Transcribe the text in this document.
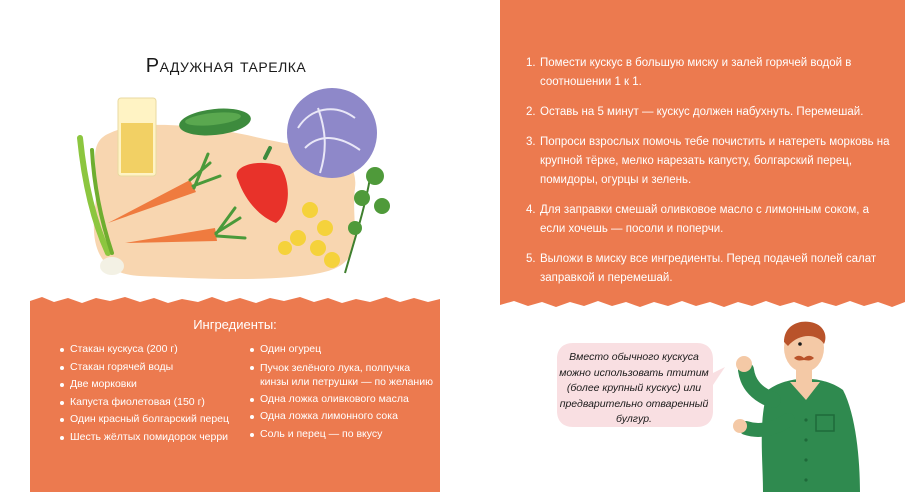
Радужная тарелка
Ингредиенты:
Стакан кускуса (200 г)
Стакан горячей воды
Две морковки
Капуста фиолетовая (150 г)
Один красный болгарский перец
Шесть жёлтых помидорок черри
Один огурец
Пучок зелёного лука, полпучка кинзы или петрушки — по желанию
Одна ложка оливкового масла
Одна ложка лимонного сока
Соль и перец — по вкусу
1. Помести кускус в большую миску и залей горячей водой в соотношении 1 к 1.
2. Оставь на 5 минут — кускус должен набухнуть. Перемешай.
3. Попроси взрослых помочь тебе почистить и натереть морковь на крупной тёрке, мелко нарезать капусту, болгарский перец, помидоры, огурцы и зелень.
4. Для заправки смешай оливковое масло с лимонным соком, а если хочешь — посоли и поперчи.
5. Выложи в миску все ингредиенты. Перед подачей полей салат заправкой и перемешай.
Вместо обычного кускуса можно использовать птитим (более крупный кускус) или предварительно отваренный булгур.
